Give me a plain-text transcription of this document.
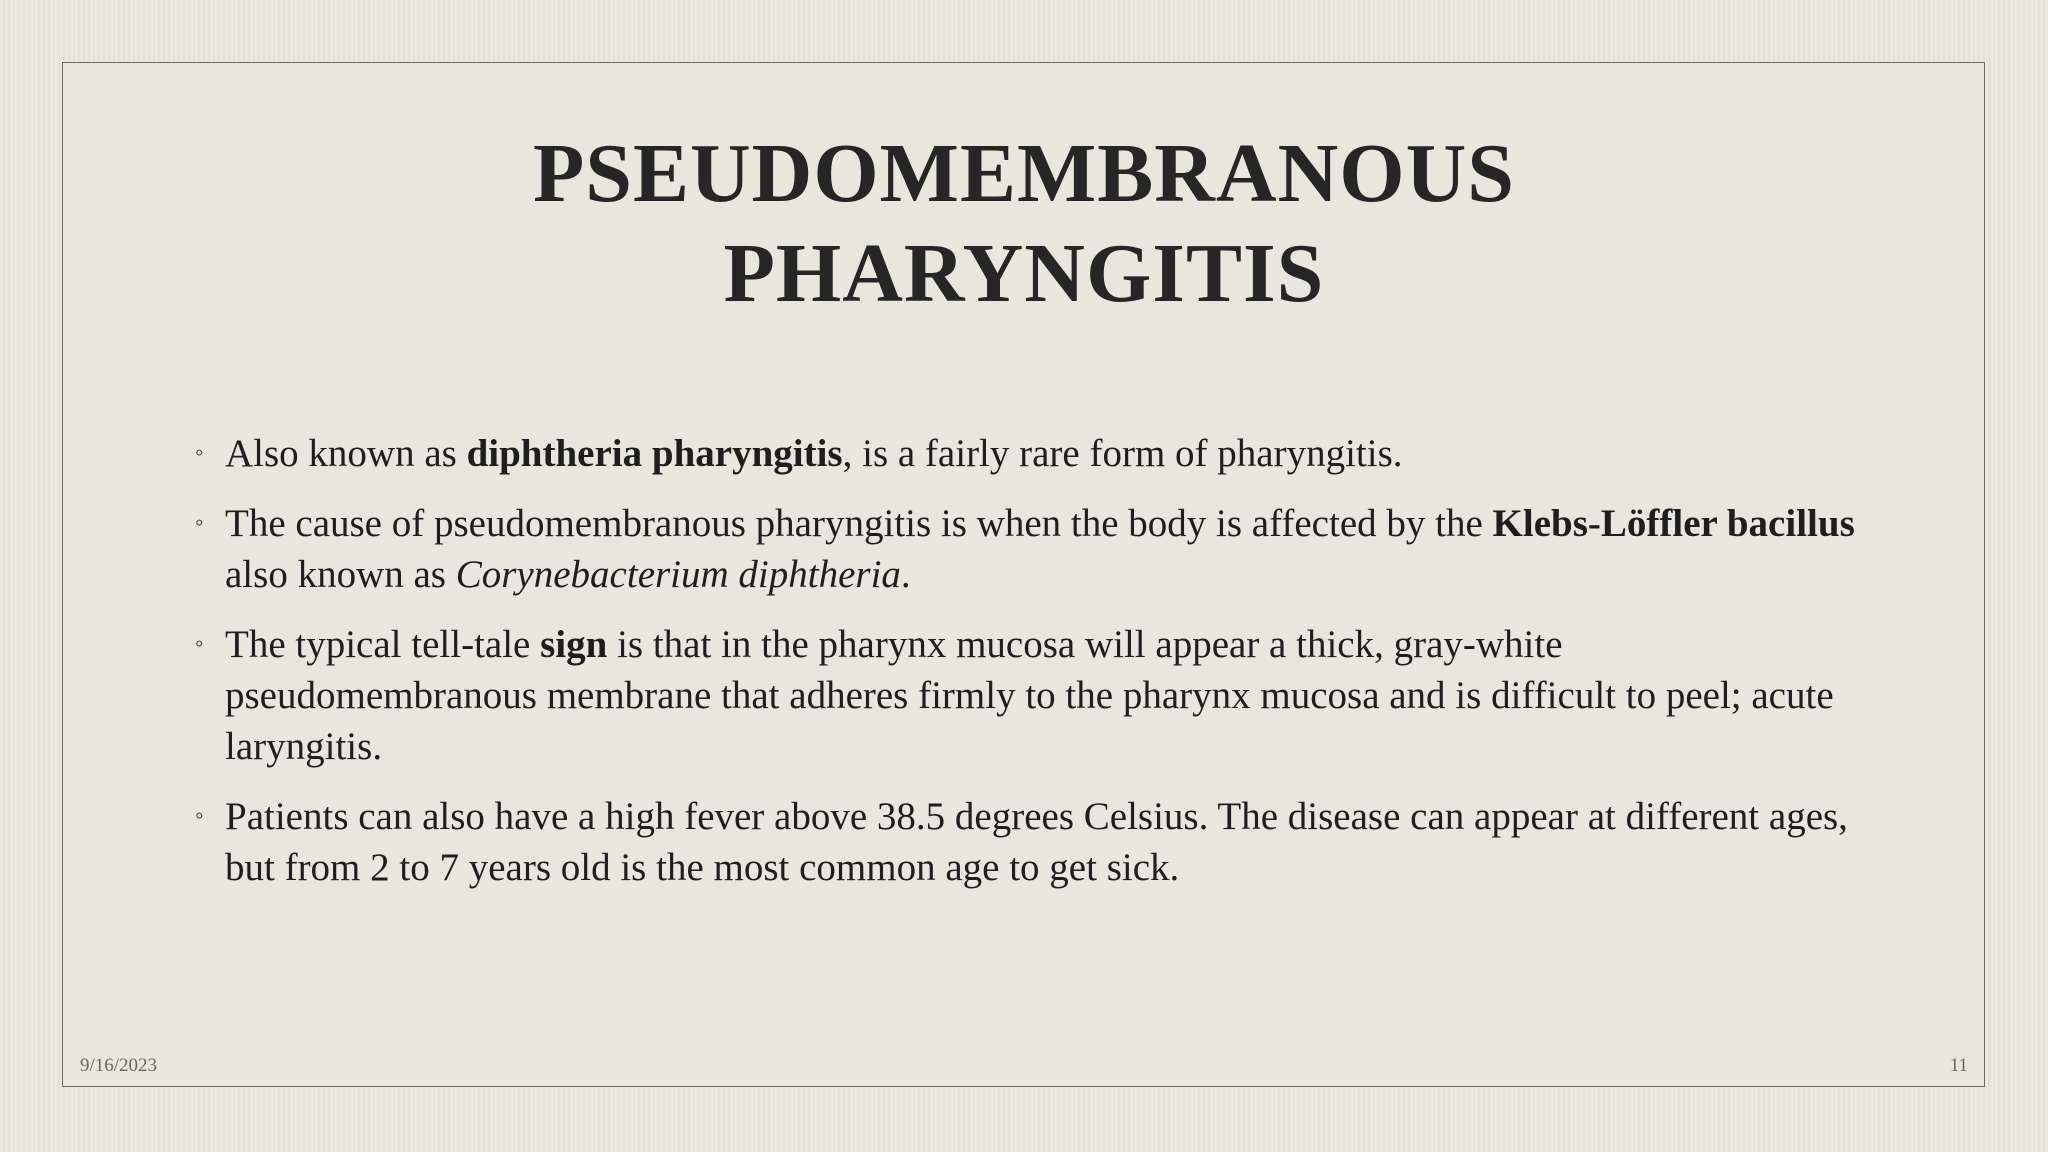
PSEUDOMEMBRANOUS
PHARYNGITIS
◦ Also known as diphtheria pharyngitis, is a fairly rare form of pharyngitis.
◦ The cause of pseudomembranous pharyngitis is when the body is affected by the Klebs-Löffler bacillus also known as Corynebacterium diphtheria.
◦ The typical tell-tale sign is that in the pharynx mucosa will appear a thick, gray-white pseudomembranous membrane that adheres firmly to the pharynx mucosa and is difficult to peel; acute laryngitis.
◦ Patients can also have a high fever above 38.5 degrees Celsius. The disease can appear at different ages, but from 2 to 7 years old is the most common age to get sick.
9/16/2023	11
